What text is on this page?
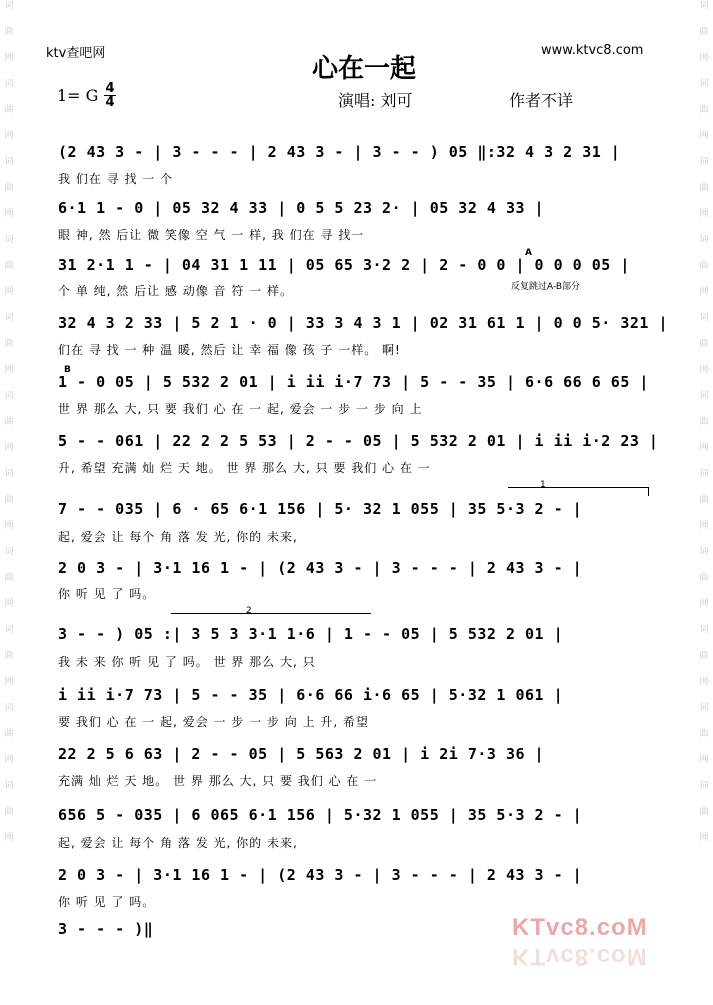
词
曲
网
词
曲
网
词
曲
网
词
曲
网
词
曲
网
词
曲
网
词
曲
网
词
曲
网
词
曲
网
词
曲
网
词
曲
网
词
曲
网
词
曲
网
词
曲
网
词
曲
网
词
曲
网
词
曲
网
词
曲
网
词
曲
网
词
曲
网
词
曲
网
词
曲
网
ktv查吧网
心在一起
www.ktvc8.com
1= G 4
4	演唱: 刘可	作者不详
(2 43 3 - | 3 - - - | 2 43 3 - | 3 - - ) 05 ‖:32 4 3 2 31 |
我 们在 寻 找 一 个
6·1 1 - 0 | 05 32 4 33 | 0 5 5 23 2· | 05 32 4 33 |
眼 神, 然 后让 微 笑像 空 气 一 样, 我 们在 寻 找一
31 2·1 1 - | 04 31 1 11 | 05 65 3·2 2 | 2 - 0 0 | 0 0 0 05 |
个 单 纯, 然 后让 感 动像 音 符 一 样。
32 4 3 2 33 | 5 2 1 · 0 | 33 3 4 3 1 | 02 31 61 1 | 0 0 5· 321 |
们在 寻 找 一 种 温 暖, 然后 让 幸 福 像 孩 子 一样。 啊!
1 - 0 05 | 5 532 2 01 | i ii i·7 73 | 5 - - 35 | 6·6 66 6 65 |
世 界 那么 大, 只 要 我们 心 在 一 起, 爱会 一 步 一 步 向 上
5 - - 061 | 22 2 2 5 53 | 2 - - 05 | 5 532 2 01 | i ii i·2 23 |
升, 希望 充满 灿 烂 天 地。 世 界 那么 大, 只 要 我们 心 在 一
7 - - 035 | 6 · 65 6·1 156 | 5· 32 1 055 | 35 5·3 2 - |
起, 爱会 让 每个 角 落 发 光, 你的 未来,
2 0 3 - | 3·1 16 1 - | (2 43 3 - | 3 - - - | 2 43 3 - |
你 听 见 了 吗。
3 - - ) 05 :| 3 5 3 3·1 1·6 | 1 - - 05 | 5 532 2 01 |
我 未 来 你 听 见 了 吗。 世 界 那么 大, 只
i ii i·7 73 | 5 - - 35 | 6·6 66 i·6 65 | 5·32 1 061 |
要 我们 心 在 一 起, 爱会 一 步 一 步 向 上 升, 希望
22 2 5 6 63 | 2 - - 05 | 5 563 2 01 | i 2i 7·3 36 |
充满 灿 烂 天 地。 世 界 那么 大, 只 要 我们 心 在 一
656 5 - 035 | 6 065 6·1 156 | 5·32 1 055 | 35 5·3 2 - |
起, 爱会 让 每个 角 落 发 光, 你的 未来,
2 0 3 - | 3·1 16 1 - | (2 43 3 - | 3 - - - | 2 43 3 - |
你 听 见 了 吗。
3 - - - )‖
A
反复跳过A-B部分
B
1
2
KTvc8.coM
KTvc8.coM
